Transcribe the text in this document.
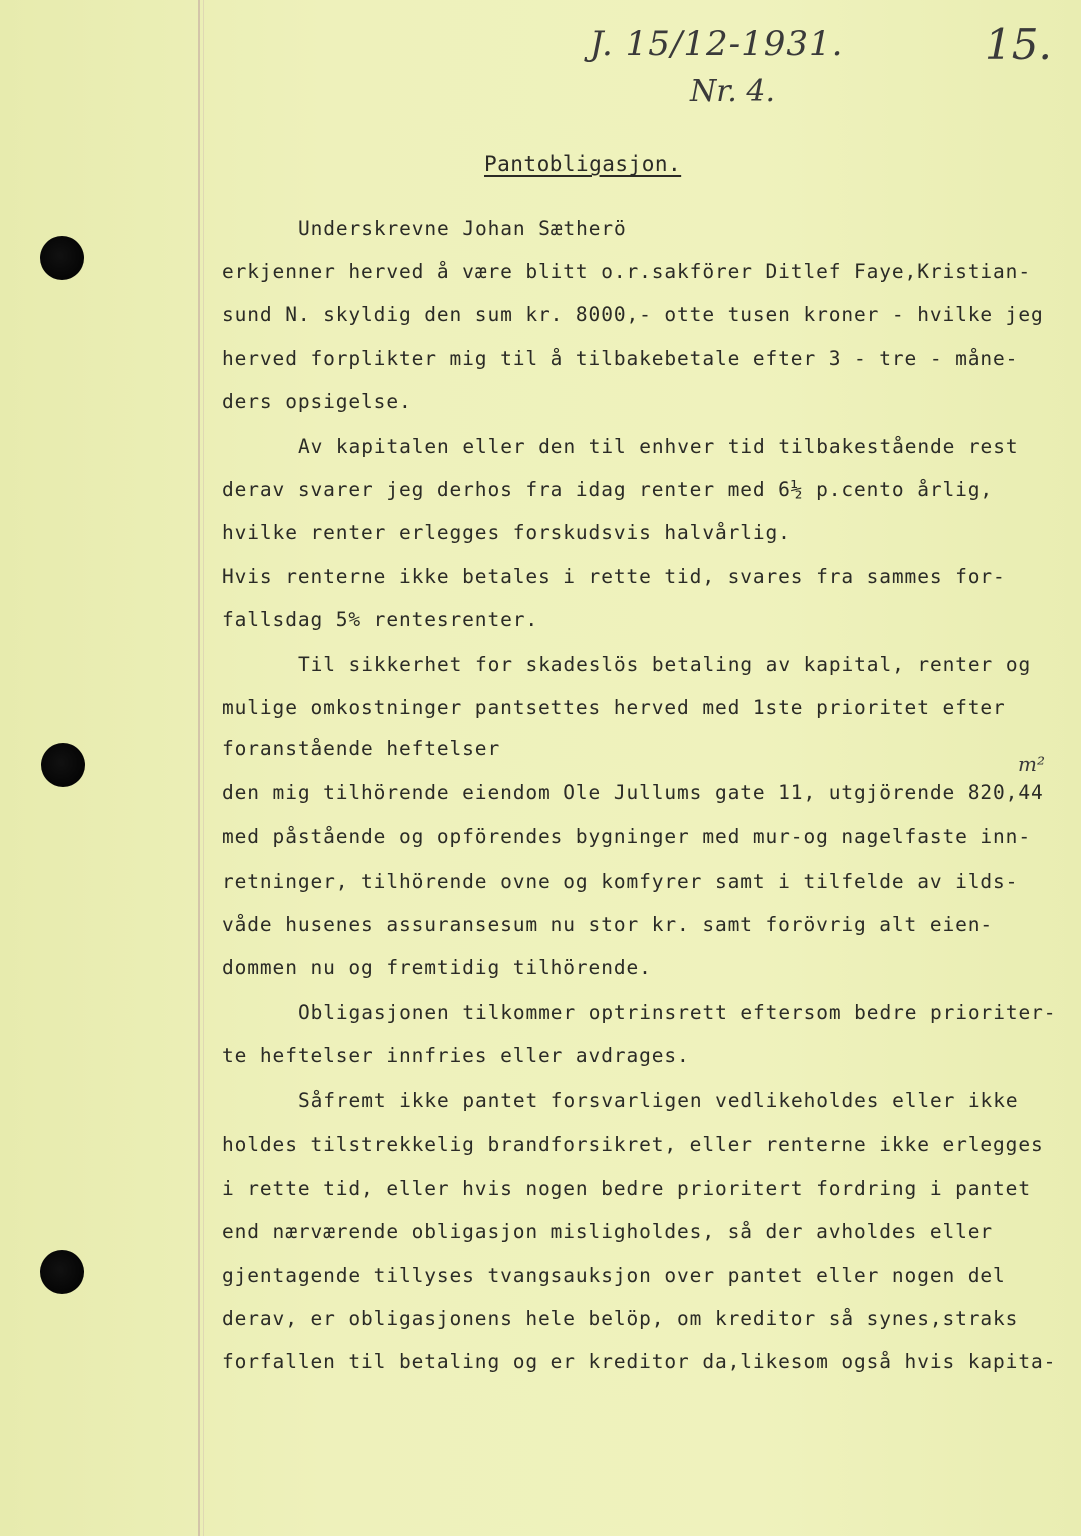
J. 15/12-1931.	15.
Nr. 4.
m²
Pantobligasjon.
Underskrevne Johan Sætherö
erkjenner herved å være blitt o.r.sakförer Ditlef Faye,Kristian-
sund N. skyldig den sum kr. 8000,- otte tusen kroner - hvilke jeg
herved forplikter mig til å tilbakebetale efter 3 - tre - måne-
ders opsigelse.
Av kapitalen eller den til enhver tid tilbakestående rest
derav svarer jeg derhos fra idag renter med 6½ p.cento årlig,
hvilke renter erlegges forskudsvis halvårlig.
Hvis renterne ikke betales i rette tid, svares fra sammes for-
fallsdag 5% rentesrenter.
Til sikkerhet for skadeslös betaling av kapital, renter og
mulige omkostninger pantsettes herved med 1ste prioritet efter
foranstående heftelser
den mig tilhörende eiendom Ole Jullums gate 11, utgjörende 820,44
med påstående og opförendes bygninger med mur-og nagelfaste inn-
retninger, tilhörende ovne og komfyrer samt i tilfelde av ilds-
våde husenes assuransesum nu stor kr. samt forövrig alt eien-
dommen nu og fremtidig tilhörende.
Obligasjonen tilkommer optrinsrett eftersom bedre prioriter-
te heftelser innfries eller avdrages.
Såfremt ikke pantet forsvarligen vedlikeholdes eller ikke
holdes tilstrekkelig brandforsikret, eller renterne ikke erlegges
i rette tid, eller hvis nogen bedre prioritert fordring i pantet
end nærværende obligasjon misligholdes, så der avholdes eller
gjentagende tillyses tvangsauksjon over pantet eller nogen del
derav, er obligasjonens hele belöp, om kreditor så synes,straks
forfallen til betaling og er kreditor da,likesom også hvis kapita-
